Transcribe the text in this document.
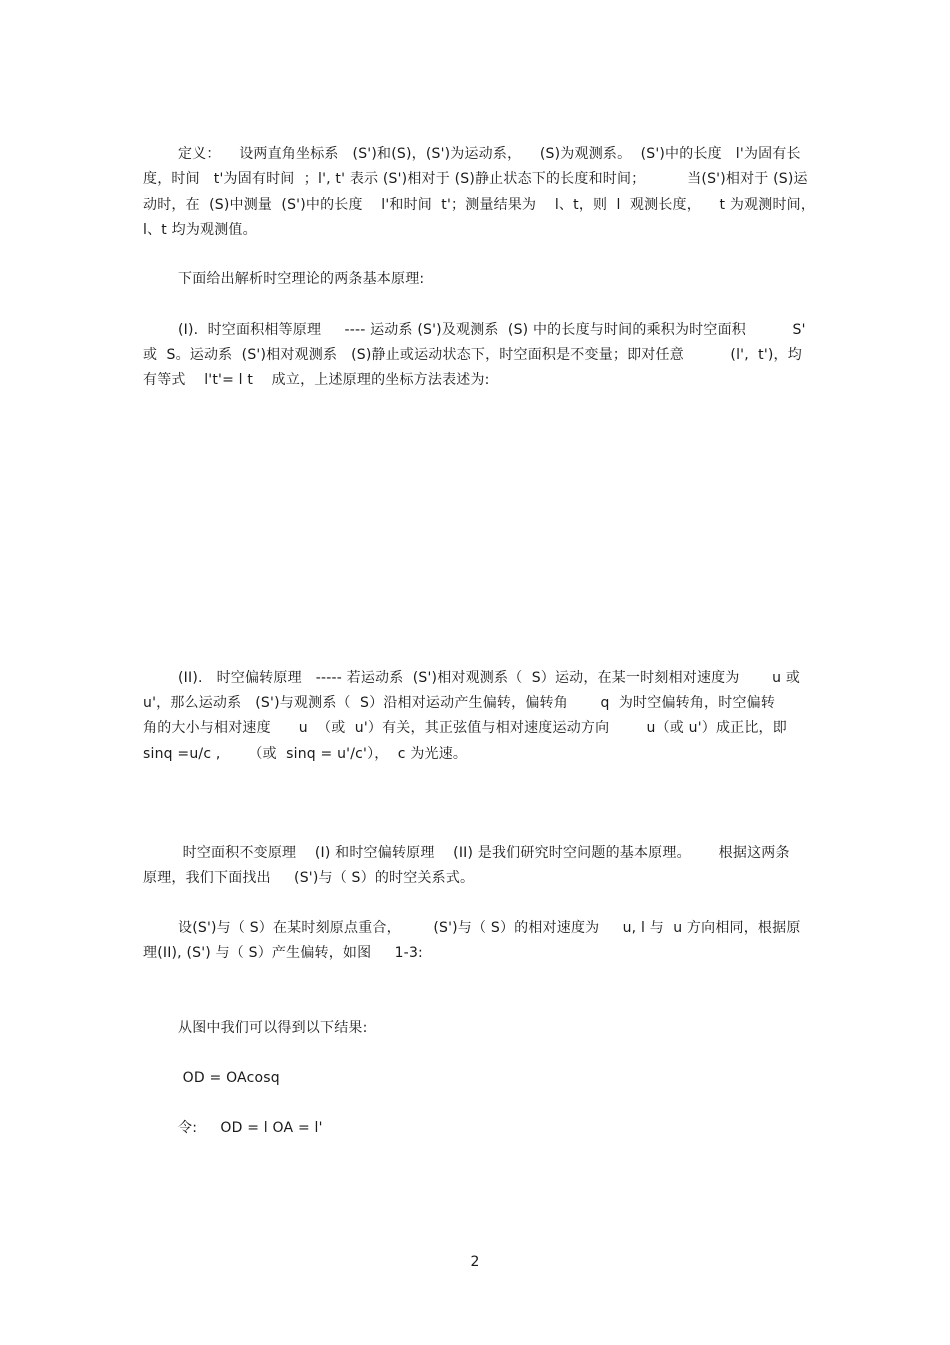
定义：    设两直角坐标系   (S')和(S)，(S')为运动系，    (S)为观测系。  (S')中的长度   l'为固有长
度，时间   t'为固有时间  ；l', t' 表示 (S')相对于 (S)静止状态下的长度和时间；         当(S')相对于 (S)运
动时，在  (S)中测量  (S')中的长度    l'和时间  t'；测量结果为    l、t，则  l  观测长度，    t 为观测时间，
l、t 均为观测值。
下面给出解析时空理论的两条基本原理:
(I).  时空面积相等原理     ---- 运动系 (S')及观测系  (S) 中的长度与时间的乘积为时空面积          S'
或  S。运动系  (S')相对观测系   (S)静止或运动状态下，时空面积是不变量；即对任意          (l',  t')，均
有等式    l't'= l t    成立，上述原理的坐标方法表述为:
(II).   时空偏转原理   ----- 若运动系  (S')相对观测系（  S）运动，在某一时刻相对速度为       u 或
u'，那么运动系   (S')与观测系（  S）沿相对运动产生偏转，偏转角       q  为时空偏转角，时空偏转
角的大小与相对速度      u  （或  u'）有关，其正弦值与相对速度运动方向        u（或 u'）成正比，即
sinq =u/c ,      （或  sinq = u'/c'），  c 为光速。
时空面积不变原理    (I) 和时空偏转原理    (II) 是我们研究时空问题的基本原理。      根据这两条
原理，我们下面找出     (S')与（ S）的时空关系式。
设(S')与（ S）在某时刻原点重合，       (S')与（ S）的相对速度为     u, l 与  u 方向相同，根据原
理(II), (S') 与（ S）产生偏转，如图     1-3:
从图中我们可以得到以下结果:
OD = OAcosq
令:     OD = l OA = l'
2
